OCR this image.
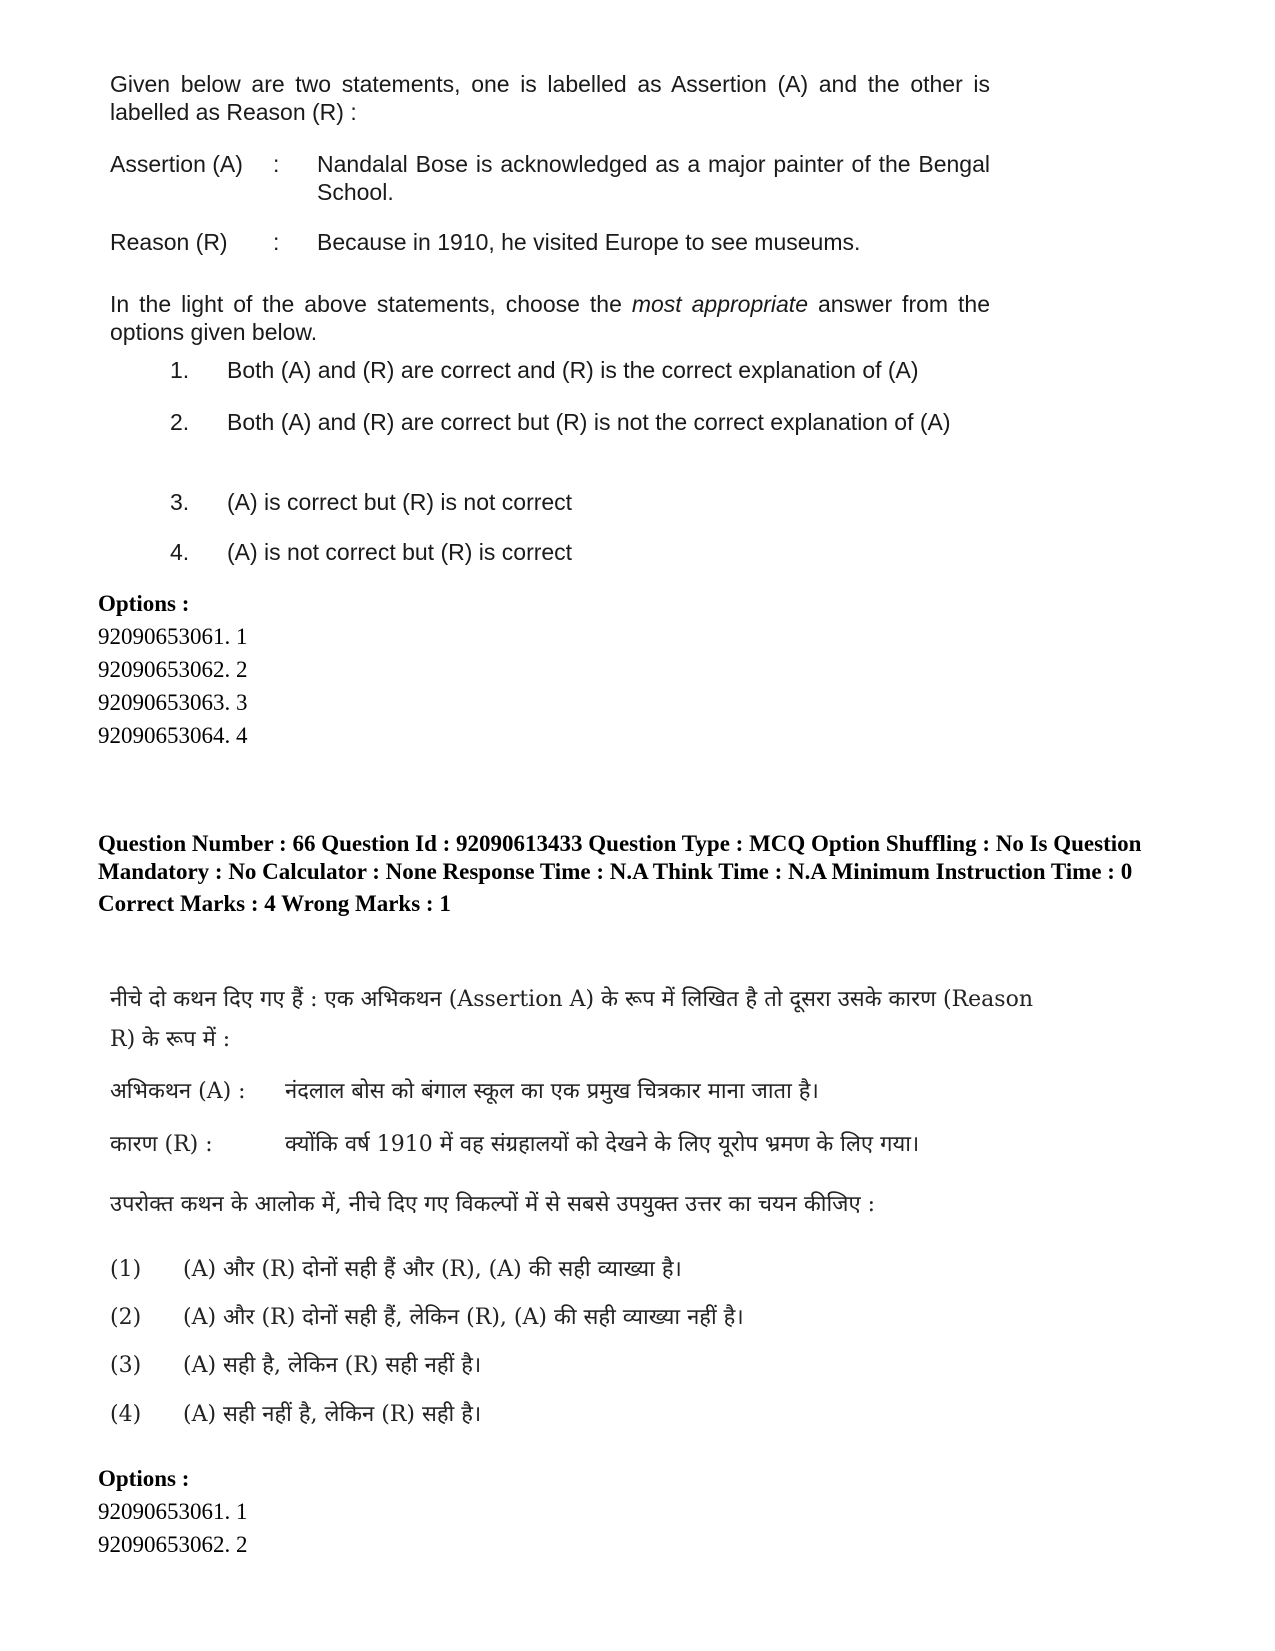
Given below are two statements, one is labelled as Assertion (A) and the other is labelled as Reason (R) :
Assertion (A) : Nandalal Bose is acknowledged as a major painter of the Bengal School.
Reason (R) : Because in 1910, he visited Europe to see museums.
In the light of the above statements, choose the most appropriate answer from the options given below.
1. Both (A) and (R) are correct and (R) is the correct explanation of (A)
2. Both (A) and (R) are correct but (R) is not the correct explanation of (A)
3. (A) is correct but (R) is not correct
4. (A) is not correct but (R) is correct
Options :
92090653061. 1
92090653062. 2
92090653063. 3
92090653064. 4
Question Number : 66 Question Id : 92090613433 Question Type : MCQ Option Shuffling : No Is Question Mandatory : No Calculator : None Response Time : N.A Think Time : N.A Minimum Instruction Time : 0
Correct Marks : 4 Wrong Marks : 1
नीचे दो कथन दिए गए हैं : एक अभिकथन (Assertion A) के रूप में लिखित है तो दूसरा उसके कारण (Reason R) के रूप में :
अभिकथन (A) : नंदलाल बोस को बंगाल स्कूल का एक प्रमुख चित्रकार माना जाता है।
कारण (R) :	क्योंकि वर्ष 1910 में वह संग्रहालयों को देखने के लिए यूरोप भ्रमण के लिए गया।
उपरोक्त कथन के आलोक में, नीचे दिए गए विकल्पों में से सबसे उपयुक्त उत्तर का चयन कीजिए :
(1) (A) और (R) दोनों सही हैं और (R), (A) की सही व्याख्या है।
(2) (A) और (R) दोनों सही हैं, लेकिन (R), (A) की सही व्याख्या नहीं है।
(3) (A) सही है, लेकिन (R) सही नहीं है।
(4) (A) सही नहीं है, लेकिन (R) सही है।
Options :
92090653061. 1
92090653062. 2
